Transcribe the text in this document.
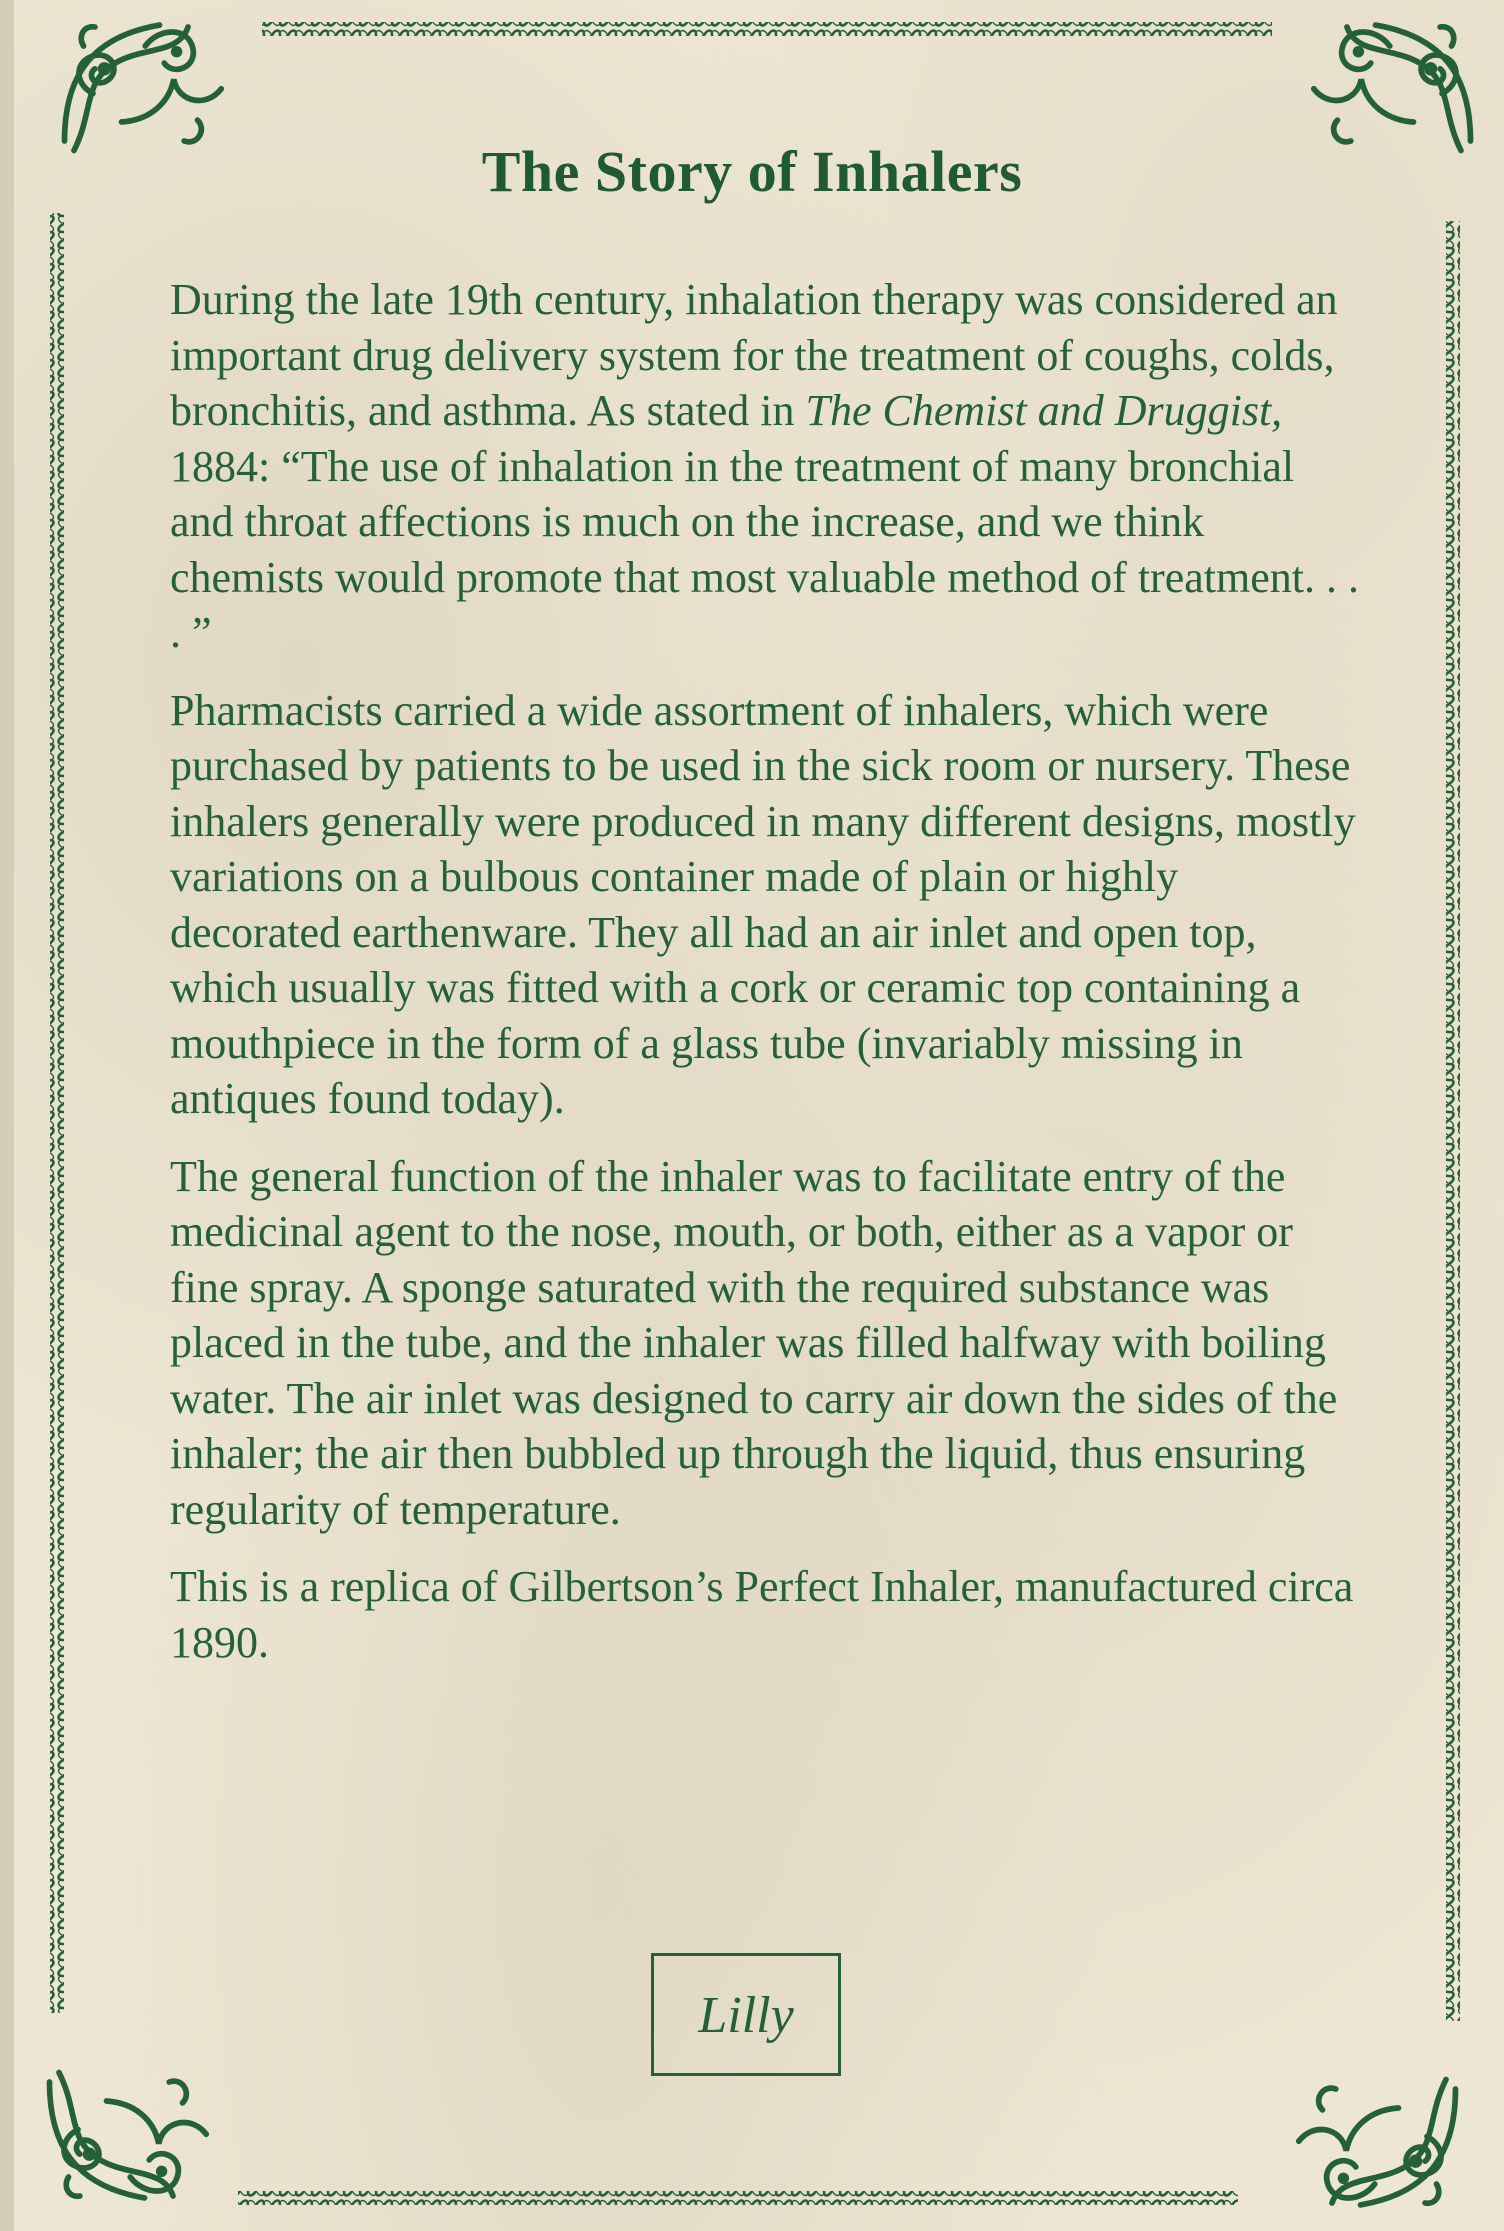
The Story of Inhalers

During the late 19th century, inhalation therapy was considered an important drug delivery system for the treatment of coughs, colds, bronchitis, and asthma. As stated in The Chemist and Druggist, 1884: “The use of inhalation in the treatment of many bronchial and throat affections is much on the increase, and we think chemists would promote that most valuable method of treatment. . . . ”

Pharmacists carried a wide assortment of inhalers, which were purchased by patients to be used in the sick room or nursery. These inhalers generally were produced in many different designs, mostly variations on a bulbous container made of plain or highly decorated earthenware. They all had an air inlet and open top, which usually was fitted with a cork or ceramic top containing a mouthpiece in the form of a glass tube (invariably missing in antiques found today).

The general function of the inhaler was to facilitate entry of the medicinal agent to the nose, mouth, or both, either as a vapor or fine spray. A sponge saturated with the required substance was placed in the tube, and the inhaler was filled halfway with boiling water. The air inlet was designed to carry air down the sides of the inhaler; the air then bubbled up through the liquid, thus ensuring regularity of temperature.

This is a replica of Gilbertson’s Perfect Inhaler, manufactured circa 1890.

Lilly
